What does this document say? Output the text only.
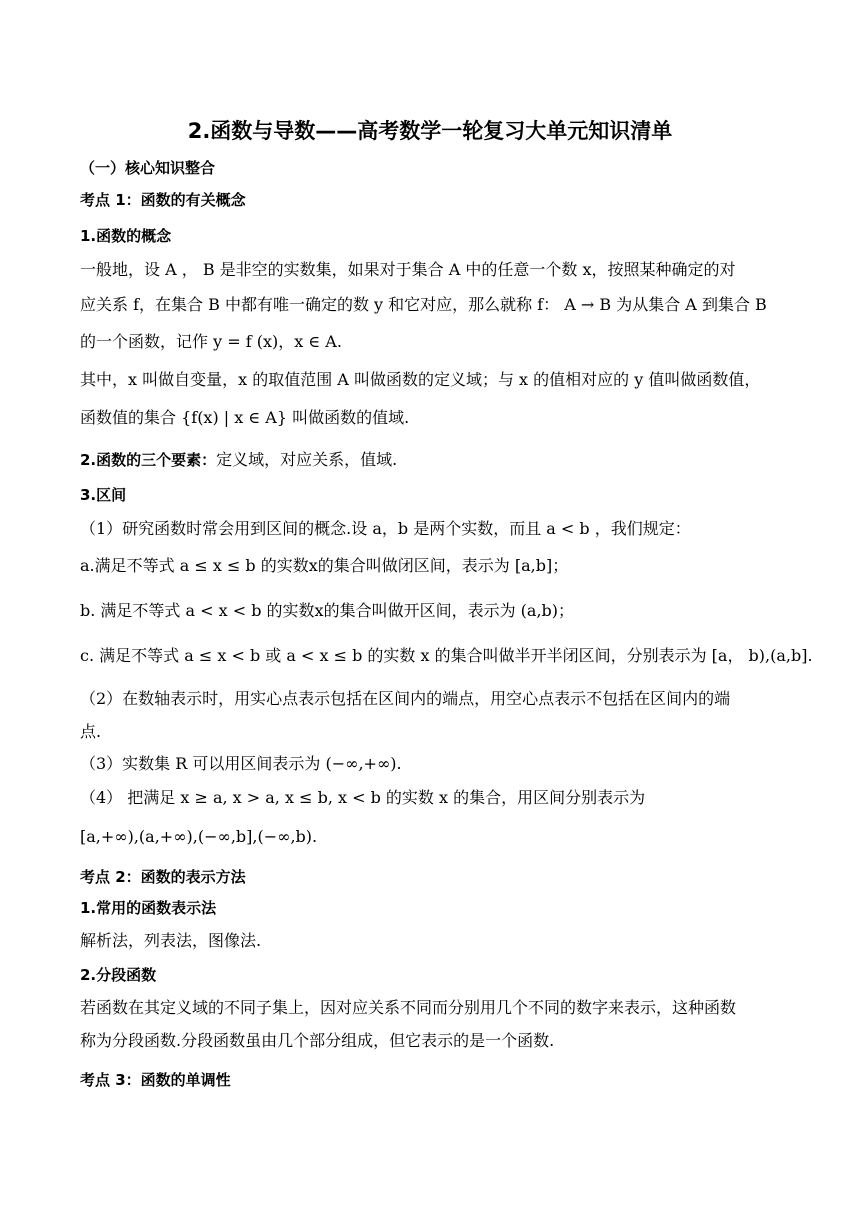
2.函数与导数——高考数学一轮复习大单元知识清单
（一）核心知识整合
考点 1：函数的有关概念
1.函数的概念
一般地，设 A ， B 是非空的实数集，如果对于集合 A 中的任意一个数 x，按照某种确定的对
应关系 f，在集合 B 中都有唯一确定的数 y 和它对应，那么就称 f： A → B 为从集合 A 到集合 B
的一个函数，记作 y = f (x)，x ∈ A.
其中，x 叫做自变量，x 的取值范围 A 叫做函数的定义域；与 x 的值相对应的 y 值叫做函数值，
函数值的集合 {f(x) | x ∈ A} 叫做函数的值域.
2.函数的三个要素：定义域，对应关系，值域.
3.区间
（1）研究函数时常会用到区间的概念.设 a，b 是两个实数，而且 a < b ，我们规定：
a.满足不等式 a ≤ x ≤ b 的实数x的集合叫做闭区间，表示为 [a,b]；
b. 满足不等式 a < x < b 的实数x的集合叫做开区间，表示为 (a,b)；
c. 满足不等式 a ≤ x < b 或 a < x ≤ b 的实数 x 的集合叫做半开半闭区间，分别表示为 [a， b),(a,b].
（2）在数轴表示时，用实心点表示包括在区间内的端点，用空心点表示不包括在区间内的端
点.
（3）实数集 R 可以用区间表示为 (−∞,+∞).
（4） 把满足 x ≥ a, x > a, x ≤ b, x < b 的实数 x 的集合，用区间分别表示为
[a,+∞),(a,+∞),(−∞,b],(−∞,b).
考点 2：函数的表示方法
1.常用的函数表示法
解析法，列表法，图像法.
2.分段函数
若函数在其定义域的不同子集上，因对应关系不同而分别用几个不同的数字来表示，这种函数
称为分段函数.分段函数虽由几个部分组成，但它表示的是一个函数.
考点 3：函数的单调性
